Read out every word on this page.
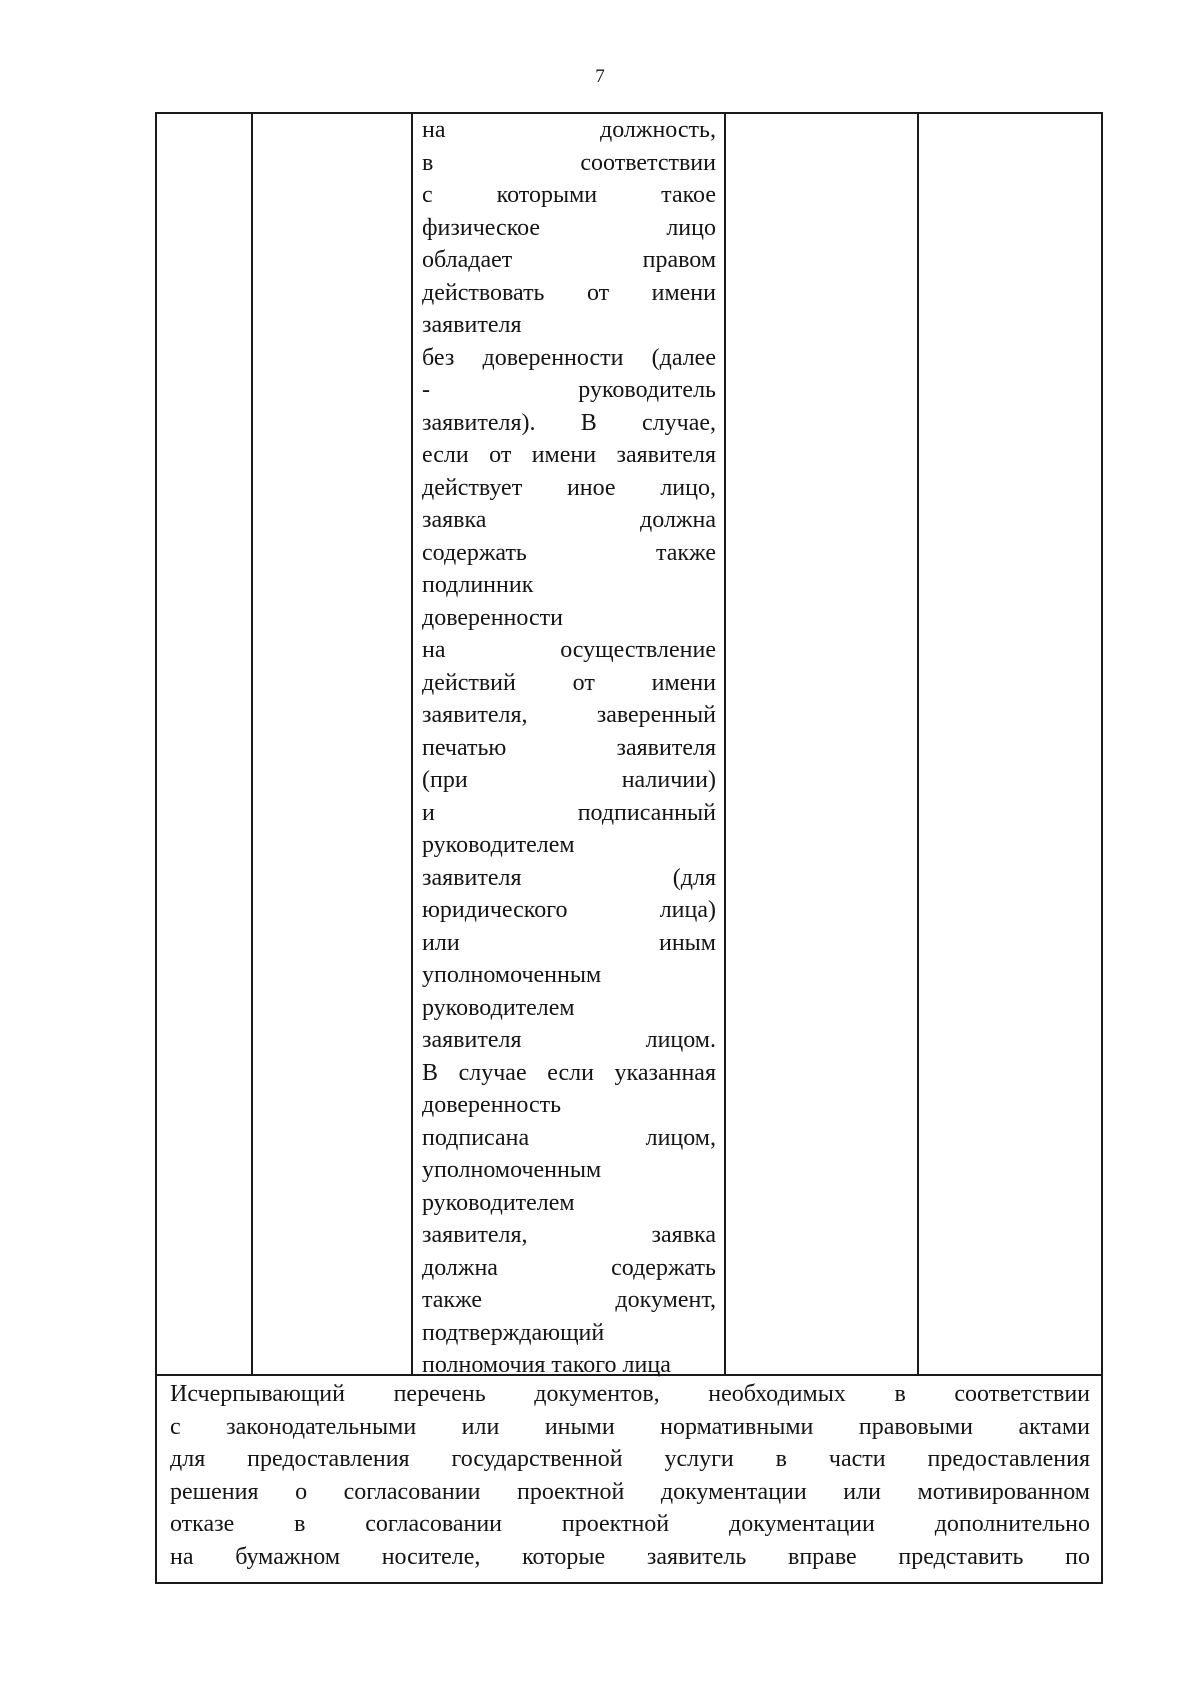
7
на должность,
в соответствии
с которыми такое
физическое лицо
обладает правом
действовать от имени
заявителя
без доверенности (далее
- руководитель
заявителя). В случае,
если от имени заявителя
действует иное лицо,
заявка должна
содержать также
подлинник
доверенности
на осуществление
действий от имени
заявителя, заверенный
печатью заявителя
(при наличии)
и подписанный
руководителем
заявителя (для
юридического лица)
или иным
уполномоченным
руководителем
заявителя лицом.
В случае если указанная
доверенность
подписана лицом,
уполномоченным
руководителем
заявителя, заявка
должна содержать
также документ,
подтверждающий
полномочия такого лица
Исчерпывающий перечень документов, необходимых в соответствии
с законодательными или иными нормативными правовыми актами
для предоставления государственной услуги в части предоставления
решения о согласовании проектной документации или мотивированном
отказе в согласовании проектной документации дополнительно
на бумажном носителе, которые заявитель вправе представить по
